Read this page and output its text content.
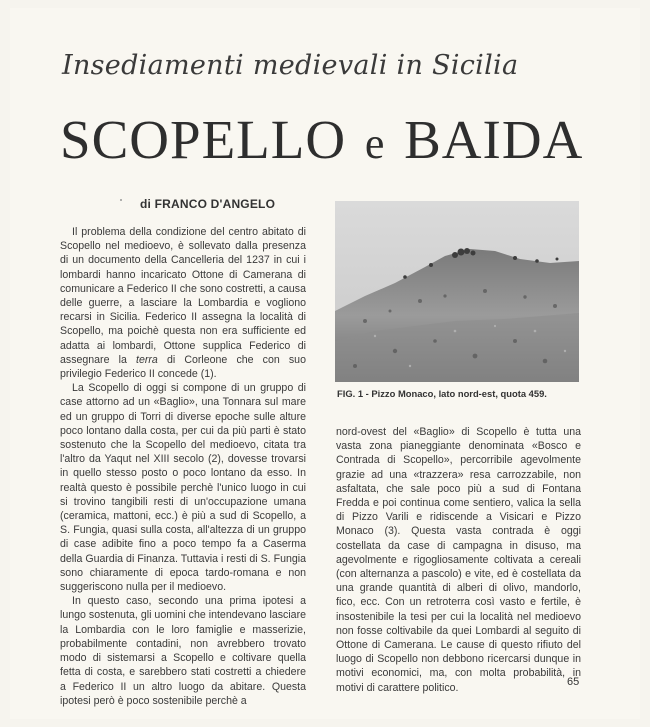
Insediamenti medievali in Sicilia
SCOPELLO e BAIDA
di FRANCO D'ANGELO

Il problema della condizione del centro abitato di Scopello nel medioevo, è sollevato dalla presenza di un documento della Cancelleria del 1237 in cui i lombardi hanno incaricato Ottone di Camerana di comunicare a Federico II che sono costretti, a causa delle guerre, a lasciare la Lombardia e vogliono recarsi in Sicilia. Federico II assegna la località di Scopello, ma poichè questa non era sufficiente ed adatta ai lombardi, Ottone supplica Federico di assegnare la terra di Corleone che con suo privilegio Federico II concede (1).

La Scopello di oggi si compone di un gruppo di case attorno ad un «Baglio», una Tonnara sul mare ed un gruppo di Torri di diverse epoche sulle alture poco lontano dalla costa, per cui da più parti è stato sostenuto che la Scopello del medioevo, citata tra l'altro da Yaqut nel XIII secolo (2), dovesse trovarsi in quello stesso posto o poco lontano da esso. In realtà questo è possibile perchè l'unico luogo in cui si trovino tangibili resti di un'occupazione umana (ceramica, mattoni, ecc.) è più a sud di Scopello, a S. Fungia, quasi sulla costa, all'altezza di un gruppo di case adibite fino a poco tempo fa a Caserma della Guardia di Finanza. Tuttavia i resti di S. Fungia sono chiaramente di epoca tardo-romana e non suggeriscono nulla per il medioevo.

In questo caso, secondo una prima ipotesi a lungo sostenuta, gli uomini che intendevano lasciare la Lombardia con le loro famiglie e masserizie, probabilmente contadini, non avrebbero trovato modo di sistemarsi a Scopello e coltivare quella fetta di costa, e sarebbero stati costretti a chiedere a Federico II un altro luogo da abitare. Questa ipotesi però è poco sostenibile perchè a

FIG. 1 - Pizzo Monaco, lato nord-est, quota 459.

nord-ovest del «Baglio» di Scopello è tutta una vasta zona pianeggiante denominata «Bosco e Contrada di Scopello», percorribile agevolmente grazie ad una «trazzera» resa carrozzabile, non asfaltata, che sale poco più a sud di Fontana Fredda e poi continua come sentiero, valica la sella di Pizzo Varili e ridiscende a Visicari e Pizzo Monaco (3). Questa vasta contrada è oggi costellata da case di campagna in disuso, ma agevolmente e rigogliosamente coltivata a cereali (con alternanza a pascolo) e vite, ed è costellata da una grande quantità di alberi di olivo, mandorlo, fico, ecc. Con un retroterra così vasto e fertile, è insostenibile la tesi per cui la località nel medioevo non fosse coltivabile da quei Lombardi al seguito di Ottone di Camerana. Le cause di questo rifiuto del luogo di Scopello non debbono ricercarsi dunque in motivi economici, ma, con molta probabilità, in motivi di carattere politico.	65
